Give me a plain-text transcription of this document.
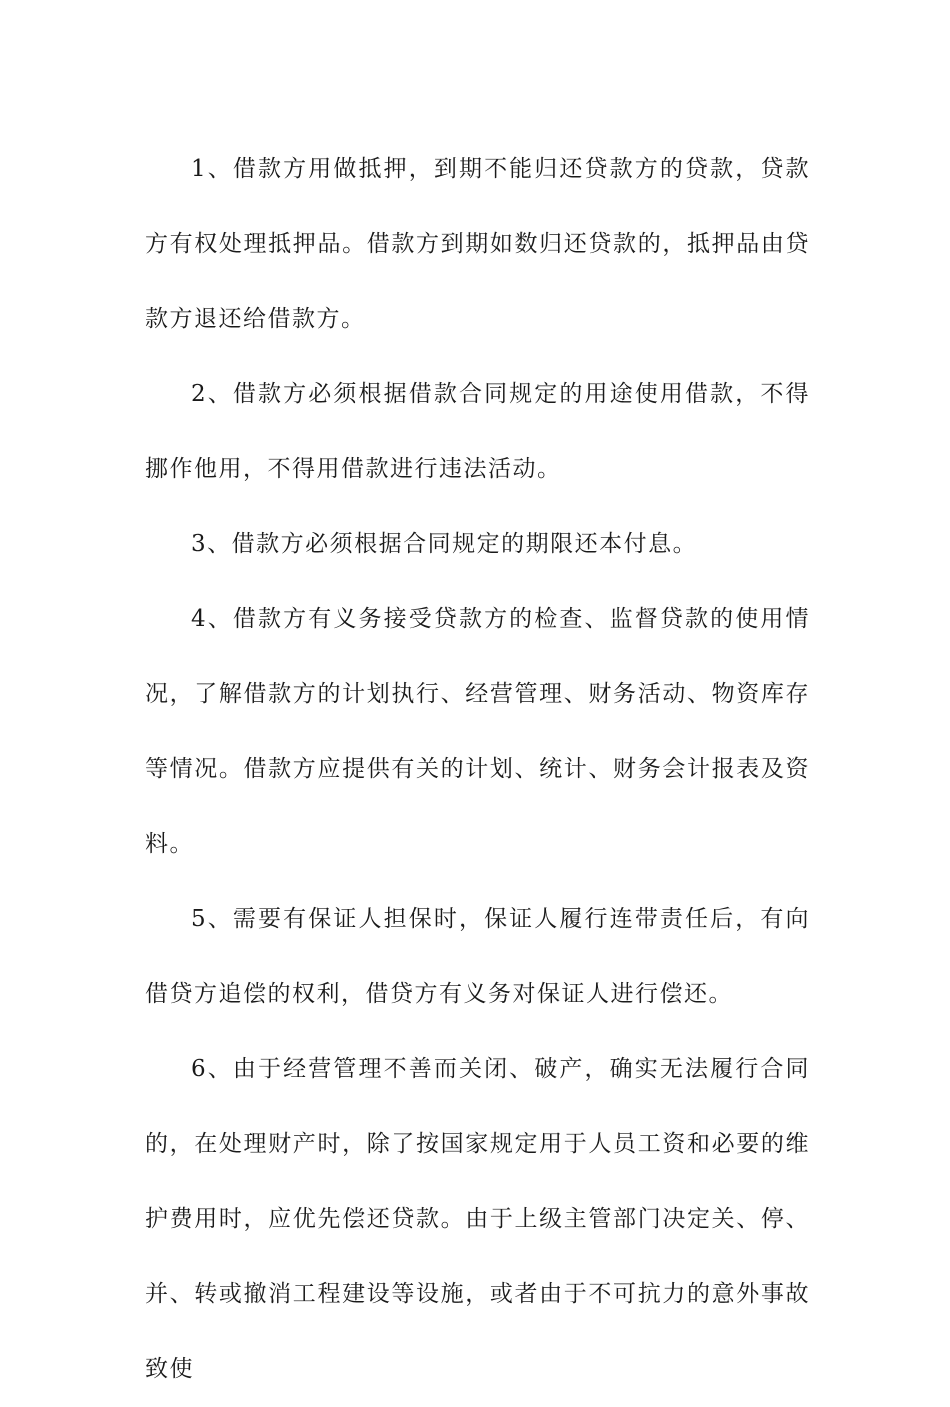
1、借款方用做抵押，到期不能归还贷款方的贷款，贷款方有权处理抵押品。借款方到期如数归还贷款的，抵押品由贷款方退还给借款方。

2、借款方必须根据借款合同规定的用途使用借款，不得挪作他用，不得用借款进行违法活动。

3、借款方必须根据合同规定的期限还本付息。

4、借款方有义务接受贷款方的检查、监督贷款的使用情况，了解借款方的计划执行、经营管理、财务活动、物资库存等情况。借款方应提供有关的计划、统计、财务会计报表及资料。

5、需要有保证人担保时，保证人履行连带责任后，有向借贷方追偿的权利，借贷方有义务对保证人进行偿还。

6、由于经营管理不善而关闭、破产，确实无法履行合同的，在处理财产时，除了按国家规定用于人员工资和必要的维护费用时，应优先偿还贷款。由于上级主管部门决定关、停、并、转或撤消工程建设等设施，或者由于不可抗力的意外事故致使
